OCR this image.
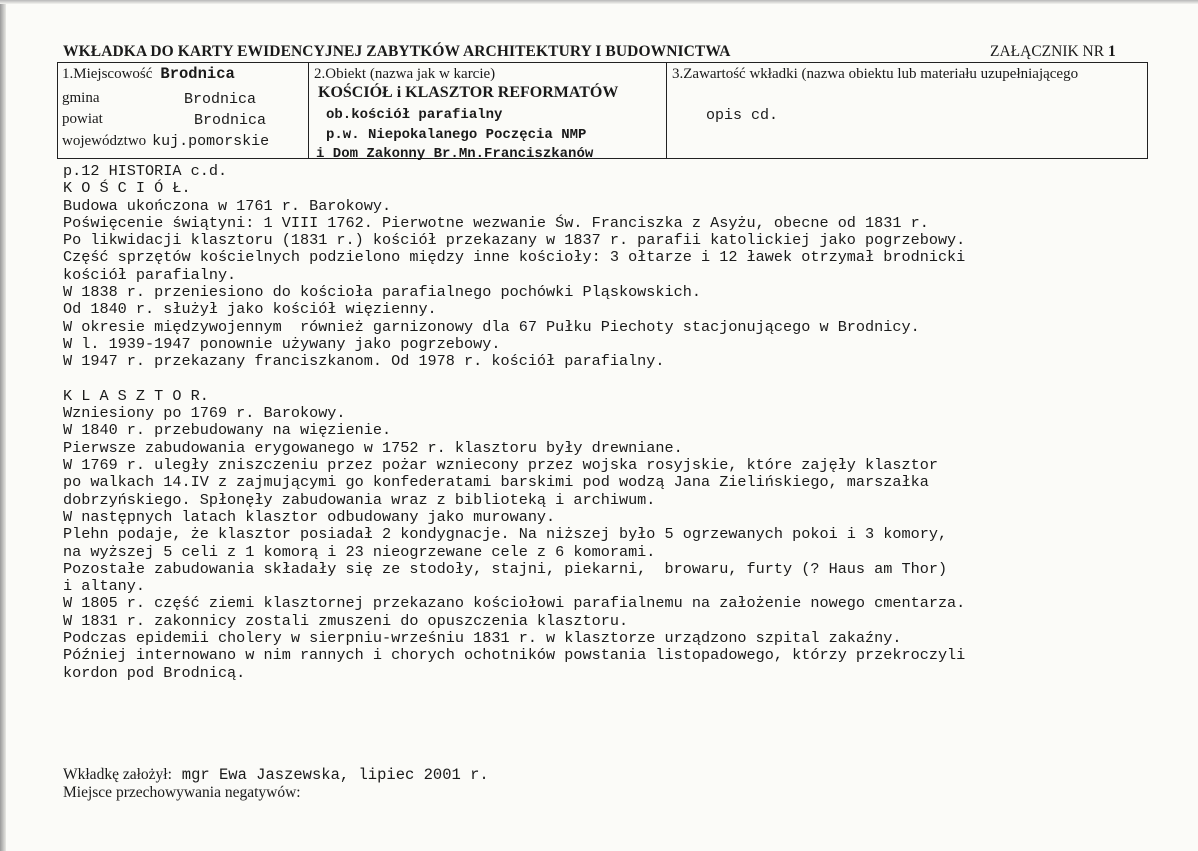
WKŁADKA DO KARTY EWIDENCYJNEJ ZABYTKÓW ARCHITEKTURY I BUDOWNICTWA	ZAŁĄCZNIK NR 1
1.Miejscowość Brodnica
gmina	Brodnica
powiat	Brodnica
województwo kuj.pomorskie
2.Obiekt (nazwa jak w karcie)
KOŚCIÓŁ i KLASZTOR REFORMATÓW
ob.kościół parafialny
p.w. Niepokalanego Poczęcia NMP
i Dom Zakonny Br.Mn.Franciszkanów
3.Zawartość wkładki (nazwa obiektu lub materiału uzupełniającego
opis cd.
p.12 HISTORIA c.d.
K O Ś C I Ó Ł.
Budowa ukończona w 1761 r. Barokowy.
Poświęcenie świątyni: 1 VIII 1762. Pierwotne wezwanie Św. Franciszka z Asyżu, obecne od 1831 r.
Po likwidacji klasztoru (1831 r.) kościół przekazany w 1837 r. parafii katolickiej jako pogrzebowy.
Część sprzętów kościelnych podzielono między inne kościoły: 3 ołtarze i 12 ławek otrzymał brodnicki
kościół parafialny.
W 1838 r. przeniesiono do kościoła parafialnego pochówki Pląskowskich.
Od 1840 r. służył jako kościół więzienny.
W okresie międzywojennym  również garnizonowy dla 67 Pułku Piechoty stacjonującego w Brodnicy.
W l. 1939-1947 ponownie używany jako pogrzebowy.
W 1947 r. przekazany franciszkanom. Od 1978 r. kościół parafialny.
K L A S Z T O R.
Wzniesiony po 1769 r. Barokowy.
W 1840 r. przebudowany na więzienie.
Pierwsze zabudowania erygowanego w 1752 r. klasztoru były drewniane.
W 1769 r. uległy zniszczeniu przez pożar wzniecony przez wojska rosyjskie, które zajęły klasztor
po walkach 14.IV z zajmującymi go konfederatami barskimi pod wodzą Jana Zielińskiego, marszałka
dobrzyńskiego. Spłonęły zabudowania wraz z biblioteką i archiwum.
W następnych latach klasztor odbudowany jako murowany.
Plehn podaje, że klasztor posiadał 2 kondygnacje. Na niższej było 5 ogrzewanych pokoi i 3 komory,
na wyższej 5 celi z 1 komorą i 23 nieogrzewane cele z 6 komorami.
Pozostałe zabudowania składały się ze stodoły, stajni, piekarni,  browaru, furty (? Haus am Thor)
i altany.
W 1805 r. część ziemi klasztornej przekazano kościołowi parafialnemu na założenie nowego cmentarza.
W 1831 r. zakonnicy zostali zmuszeni do opuszczenia klasztoru.
Podczas epidemii cholery w sierpniu-wrześniu 1831 r. w klasztorze urządzono szpital zakaźny.
Później internowano w nim rannych i chorych ochotników powstania listopadowego, którzy przekroczyli
kordon pod Brodnicą.
Wkładkę założył: mgr Ewa Jaszewska, lipiec 2001 r.
Miejsce przechowywania negatywów:
